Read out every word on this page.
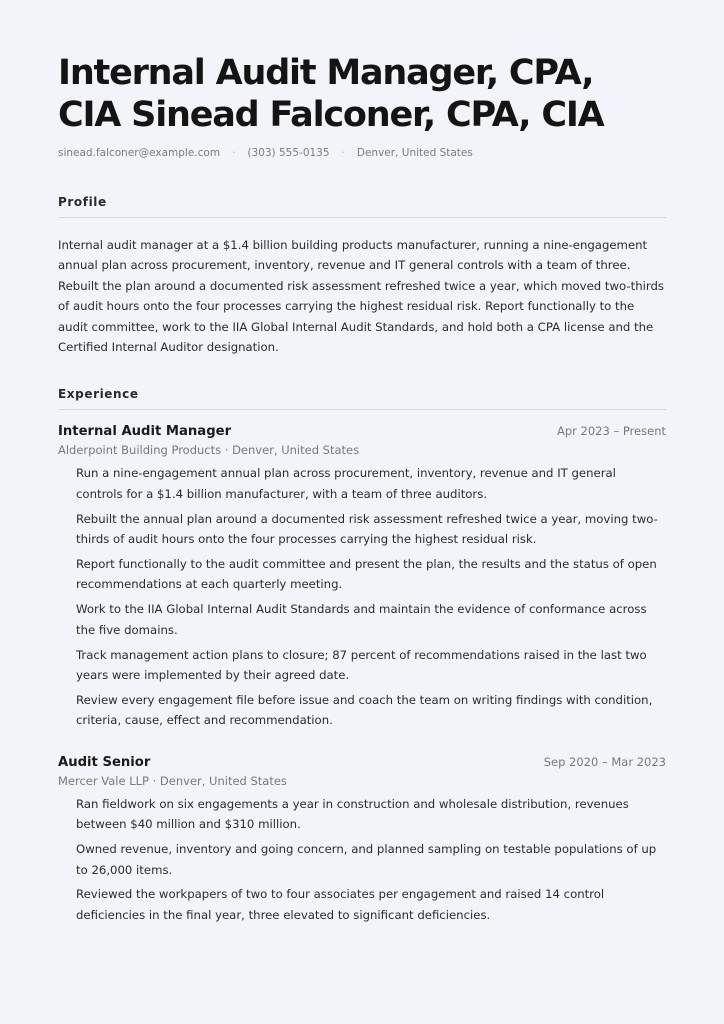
Internal Audit Manager, CPA,
CIA Sinead Falconer, CPA, CIA
sinead.falconer@example.com · (303) 555-0135 · Denver, United States
Profile

Internal audit manager at a $1.4 billion building products manufacturer, running a nine-engagement annual plan across procurement, inventory, revenue and IT general controls with a team of three. Rebuilt the plan around a documented risk assessment refreshed twice a year, which moved two-thirds of audit hours onto the four processes carrying the highest residual risk. Report functionally to the audit committee, work to the IIA Global Internal Audit Standards, and hold both a CPA license and the Certified Internal Auditor designation.

Experience
Internal Audit Manager	Apr 2023 – Present
Alderpoint Building Products · Denver, United States
Run a nine-engagement annual plan across procurement, inventory, revenue and IT general controls for a $1.4 billion manufacturer, with a team of three auditors.
Rebuilt the annual plan around a documented risk assessment refreshed twice a year, moving two-thirds of audit hours onto the four processes carrying the highest residual risk.
Report functionally to the audit committee and present the plan, the results and the status of open recommendations at each quarterly meeting.
Work to the IIA Global Internal Audit Standards and maintain the evidence of conformance across the five domains.
Track management action plans to closure; 87 percent of recommendations raised in the last two years were implemented by their agreed date.
Review every engagement file before issue and coach the team on writing findings with condition, criteria, cause, effect and recommendation.
Audit Senior	Sep 2020 – Mar 2023
Mercer Vale LLP · Denver, United States
Ran fieldwork on six engagements a year in construction and wholesale distribution, revenues between $40 million and $310 million.
Owned revenue, inventory and going concern, and planned sampling on testable populations of up to 26,000 items.
Reviewed the workpapers of two to four associates per engagement and raised 14 control deficiencies in the final year, three elevated to significant deficiencies.
